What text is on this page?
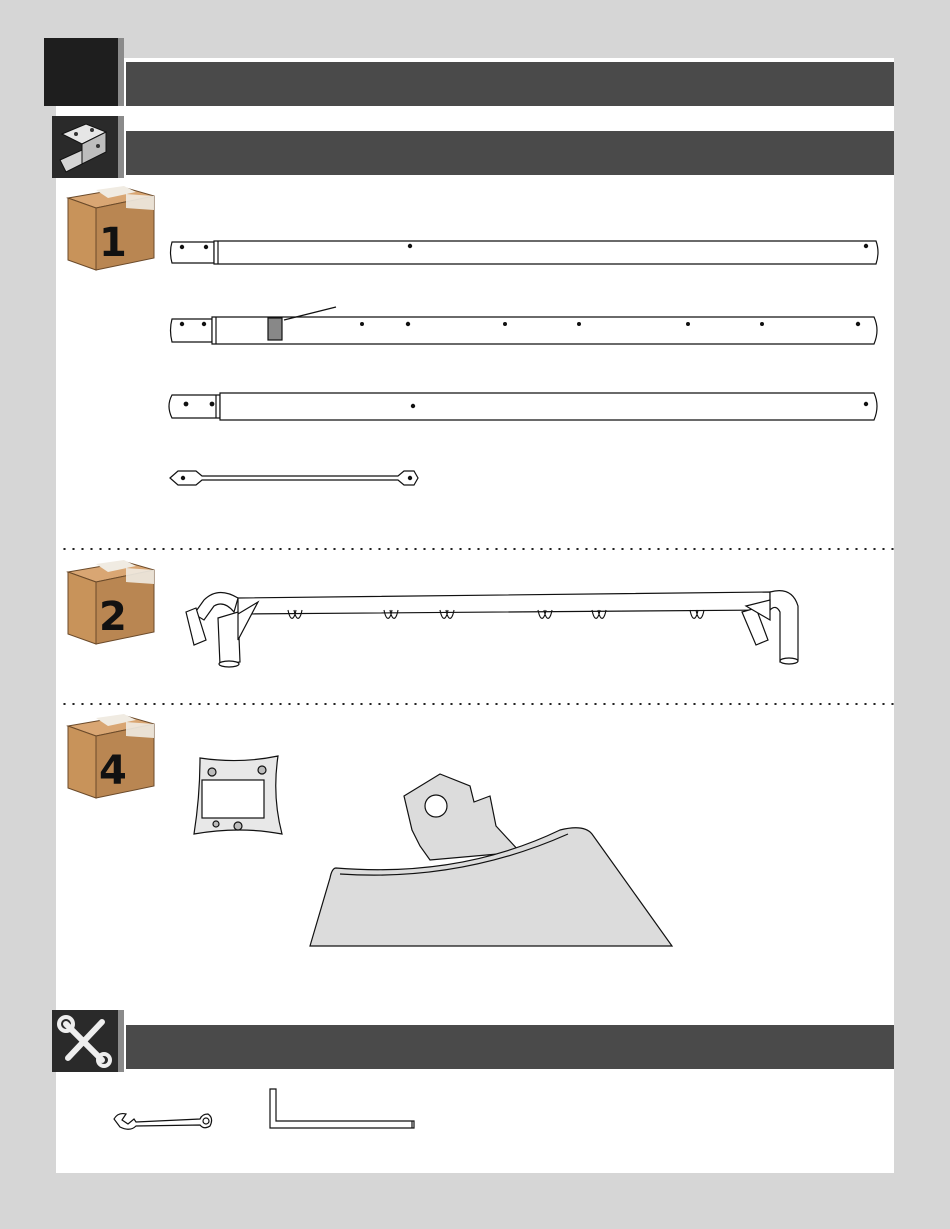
1
2
4
